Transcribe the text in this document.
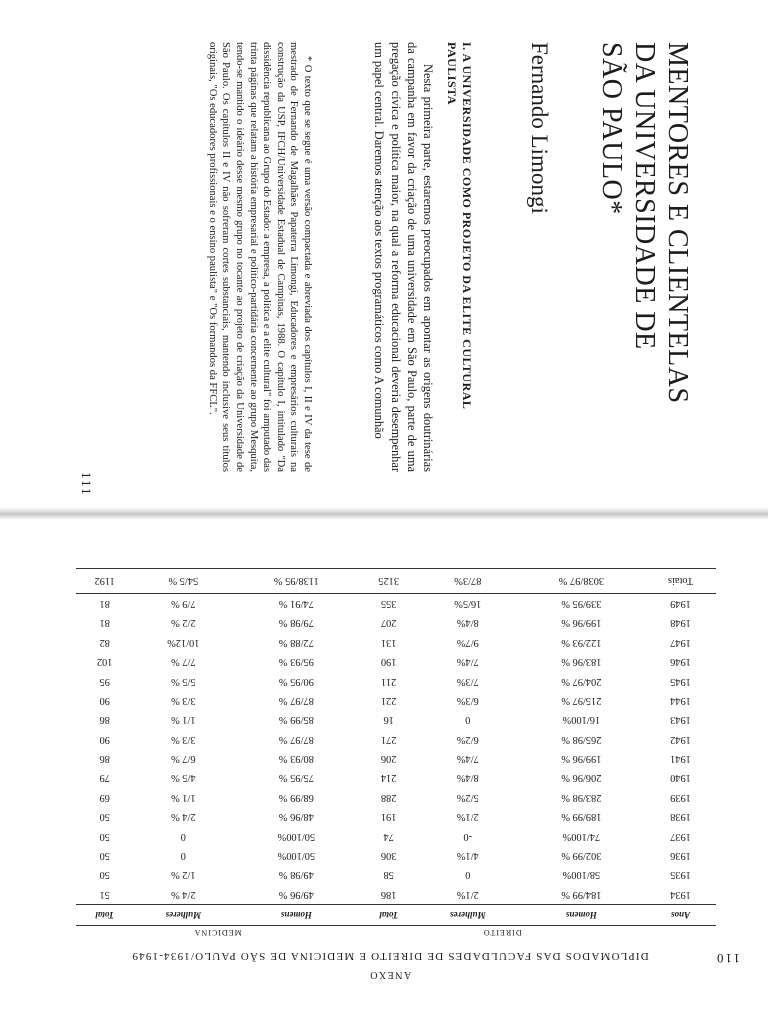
MENTORES E CLIENTELAS
DA UNIVERSIDADE DE
SÃO PAULO*
Fernando Limongi
I. A UNIVERSIDADE COMO PROJETO DA ELITE CULTURAL PAULISTA
Nesta primeira parte, estaremos preocupados em apontar as origens doutrinárias da campanha em favor da criação de uma universidade em São Paulo, parte de uma pregação cívica e política maior, na qual a reforma educacional deveria desempenhar um papel central. Daremos atenção aos textos programáticos como A comunhão
* O texto que se segue é uma versão compactada e abreviada dos capítulos I, II e IV da tese de mestrado de Fernando de Magalhães Papaterra Limongi, Educadores e empresários culturais na construção da USP, IFCH/Universidade Estadual de Campinas, 1988. O capítulo I, intitulado "Da dissidência republicana ao Grupo do Estado: a empresa, a política e a elite cultural" foi amputado das trinta páginas que relatam a história empresarial e político-partidária concernente ao grupo Mesquita, tendo-se mantido o ideário desse mesmo grupo no tocante ao projeto de criação da Universidade de São Paulo. Os capítulos II e IV não sofreram cortes substanciais, mantendo inclusive seus títulos originais, "Os educadores profissionais e o ensino paulista" e "Os formandos da FFCL".
111
110
ANEXO
DIPLOMADOS DAS FACULDADES DE DIREITO E MEDICINA DE SÃO PAULO/1934-1949
	DIREITO			MEDICINA		
Anos	Homens	Mulheres	Total	Homens	Mulheres	Total
1934	184/99 %	2/1%	186	49/96 %	2/4 %	51
1935	58/100%	0	58	49/98 %	1/2 %	50
1936	302/99 %	4/1%	306	50/100%	0	50
1937	74/100%	-0	74	50/100%	0	50
1938	189/99 %	2/1%	191	48/96 %	2/4 %	50
1939	283/98 %	5/2%	288	68/99 %	1/1 %	69
1940	206/96 %	8/4%	214	75/95 %	4/5 %	79
1941	199/96 %	7/4%	206	80/93 %	6/7 %	86
1942	265/98 %	6/2%	271	87/97 %	3/3 %	90
1943	16/100%	0	16	85/99 %	1/1 %	86
1944	215/97 %	6/3%	221	87/97 %	3/3 %	90
1945	204/97 %	7/3%	211	90/95 %	5/5 %	95
1946	183/96 %	7/4%	190	95/93 %	7/7 %	102
1947	122/93 %	9/7%	131	72/88 %	10/12%	82
1948	199/96 %	8/4%	207	79/98 %	2/2 %	81
1949	339/95 %	16/5%	355	74/91 %	7/9 %	81
Totais	3038/97 %	87/3%	3125	1138/95 %	54/5 %	1192
